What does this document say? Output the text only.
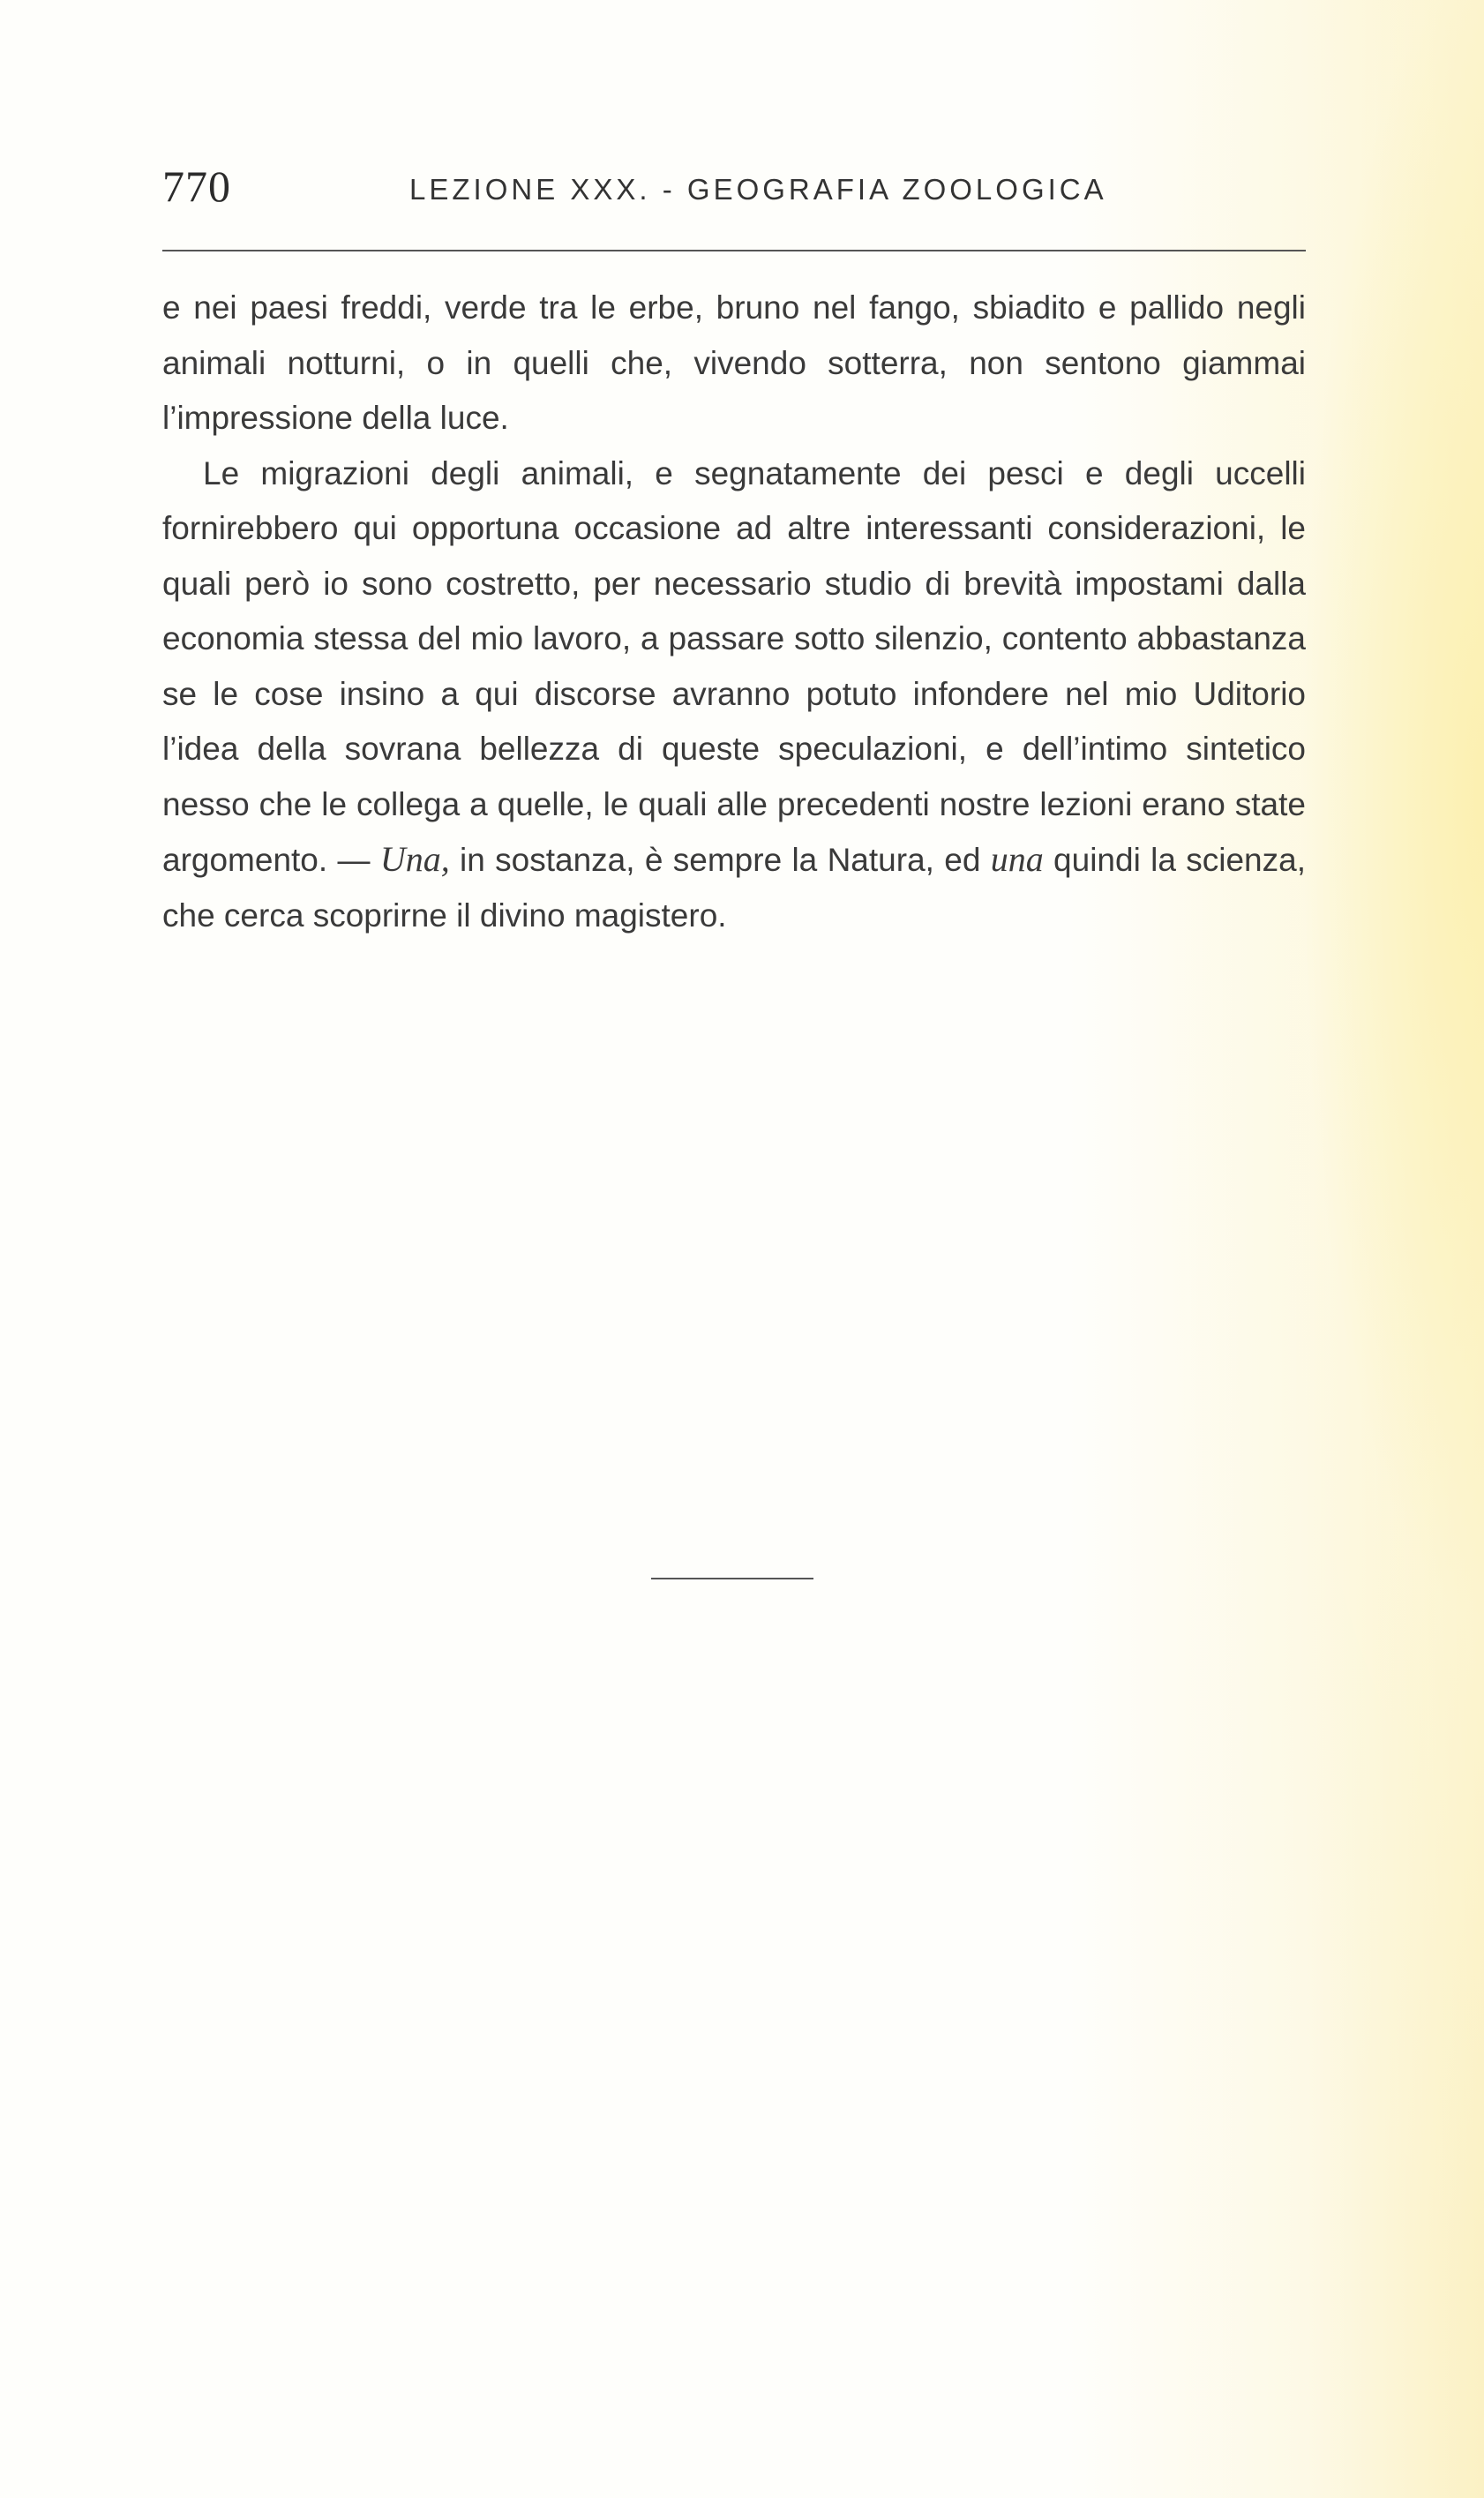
770	LEZIONE XXX. - GEOGRAFIA ZOOLOGICA

e nei paesi freddi, verde tra le erbe, bruno nel fango, sbiadito e pallido negli animali notturni, o in quelli che, vivendo sotterra, non sentono giammai l’impressione della luce.

Le migrazioni degli animali, e segnatamente dei pesci e degli uccelli fornirebbero qui opportuna occasione ad altre interessanti considerazioni, le quali però io sono costretto, per necessario studio di brevità impostami dalla economia stessa del mio lavoro, a passare sotto silenzio, contento abbastanza se le cose insino a qui discorse avranno potuto infondere nel mio Uditorio l’idea della sovrana bellezza di queste speculazioni, e dell’intimo sintetico nesso che le collega a quelle, le quali alle precedenti nostre lezioni erano state argomento. — Una, in sostanza, è sempre la Natura, ed una quindi la scienza, che cerca scoprirne il divino magistero.
